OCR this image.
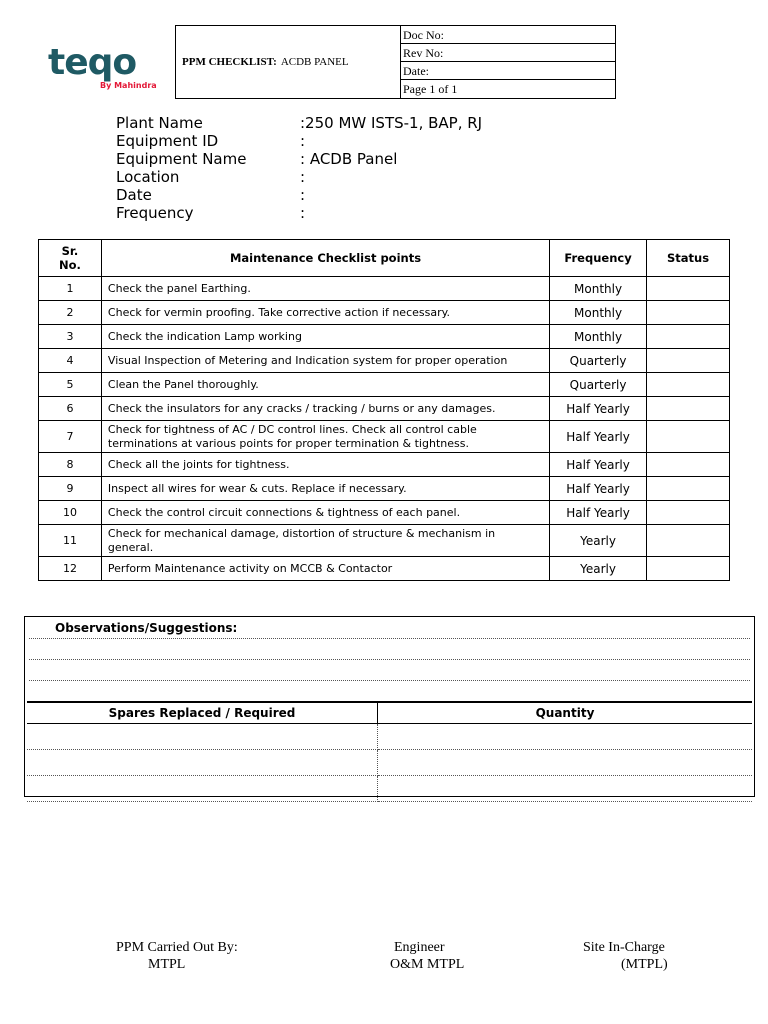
teqo
By Mahindra
PPM CHECKLIST: ACDB PANEL
Doc No:
Rev No:
Date:
Page 1 of 1
Plant Name	:250 MW ISTS-1, BAP, RJ
Equipment ID	:
Equipment Name	: ACDB Panel
Location	:
Date	:
Frequency	:
Sr.
No.	Maintenance Checklist points	Frequency	Status
1	Check the panel Earthing.	Monthly	
2	Check for vermin proofing. Take corrective action if necessary.	Monthly	
3	Check the indication Lamp working	Monthly	
4	Visual Inspection of Metering and Indication system for proper operation	Quarterly	
5	Clean the Panel thoroughly.	Quarterly	
6	Check the insulators for any cracks / tracking / burns or any damages.	Half Yearly	
7	Check for tightness of AC / DC control lines. Check all control cable terminations at various points for proper termination & tightness.	Half Yearly	
8	Check all the joints for tightness.	Half Yearly	
9	Inspect all wires for wear & cuts. Replace if necessary.	Half Yearly	
10	Check the control circuit connections & tightness of each panel.	Half Yearly	
11	Check for mechanical damage, distortion of structure & mechanism in general.	Yearly	
12	Perform Maintenance activity on MCCB & Contactor	Yearly	
Observations/Suggestions:
Spares Replaced / Required	Quantity

PPM Carried Out By:
MTPL
Engineer
O&M MTPL
Site In-Charge
(MTPL)
